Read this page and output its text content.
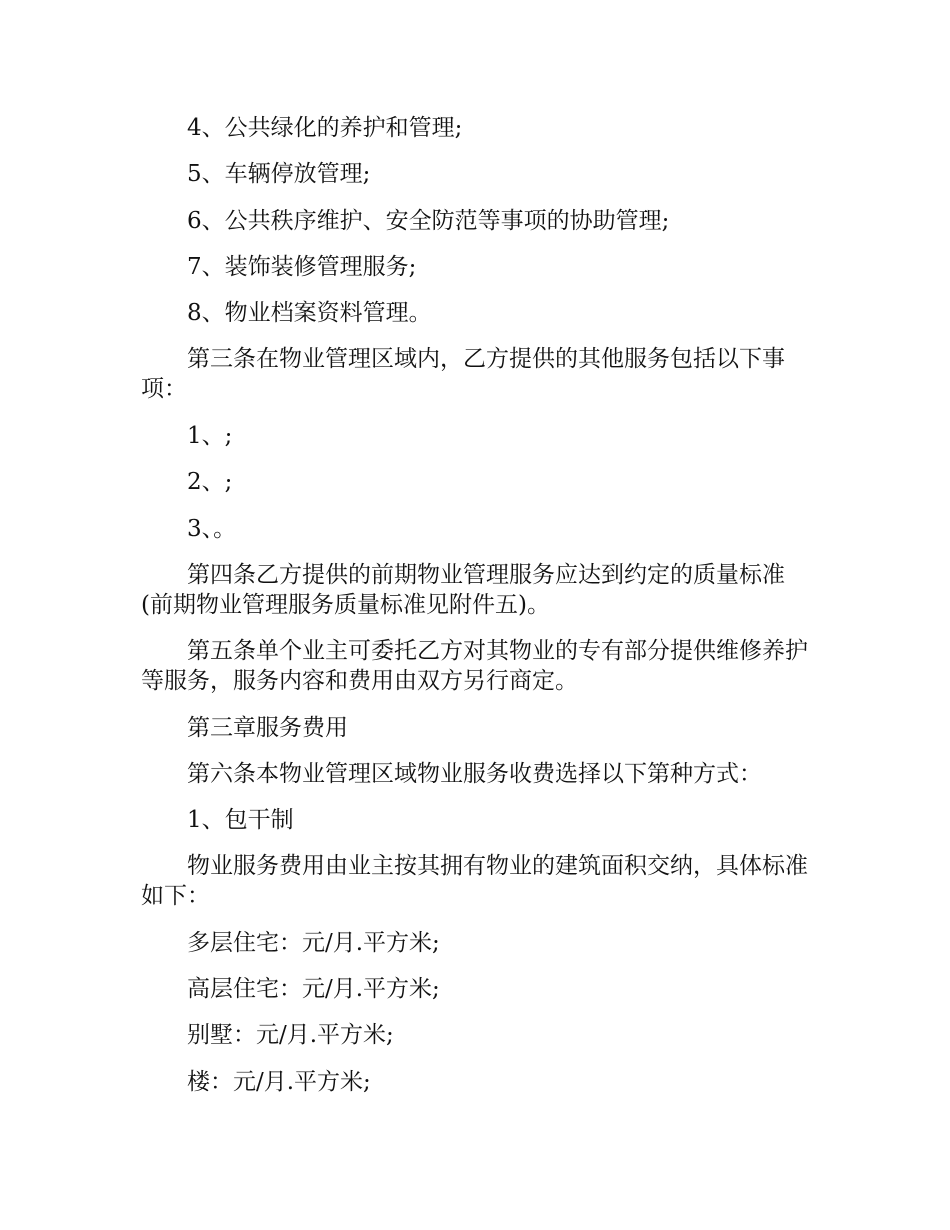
4、公共绿化的养护和管理;

5、车辆停放管理;

6、公共秩序维护、安全防范等事项的协助管理;

7、装饰装修管理服务;

8、物业档案资料管理。

第三条在物业管理区域内，乙方提供的其他服务包括以下事项：

1、;

2、;

3、。

第四条乙方提供的前期物业管理服务应达到约定的质量标准(前期物业管理服务质量标准见附件五)。

第五条单个业主可委托乙方对其物业的专有部分提供维修养护等服务，服务内容和费用由双方另行商定。

第三章服务费用

第六条本物业管理区域物业服务收费选择以下第种方式：

1、包干制

物业服务费用由业主按其拥有物业的建筑面积交纳，具体标准如下：

多层住宅：元/月.平方米;

高层住宅：元/月.平方米;

别墅：元/月.平方米;

楼：元/月.平方米;
